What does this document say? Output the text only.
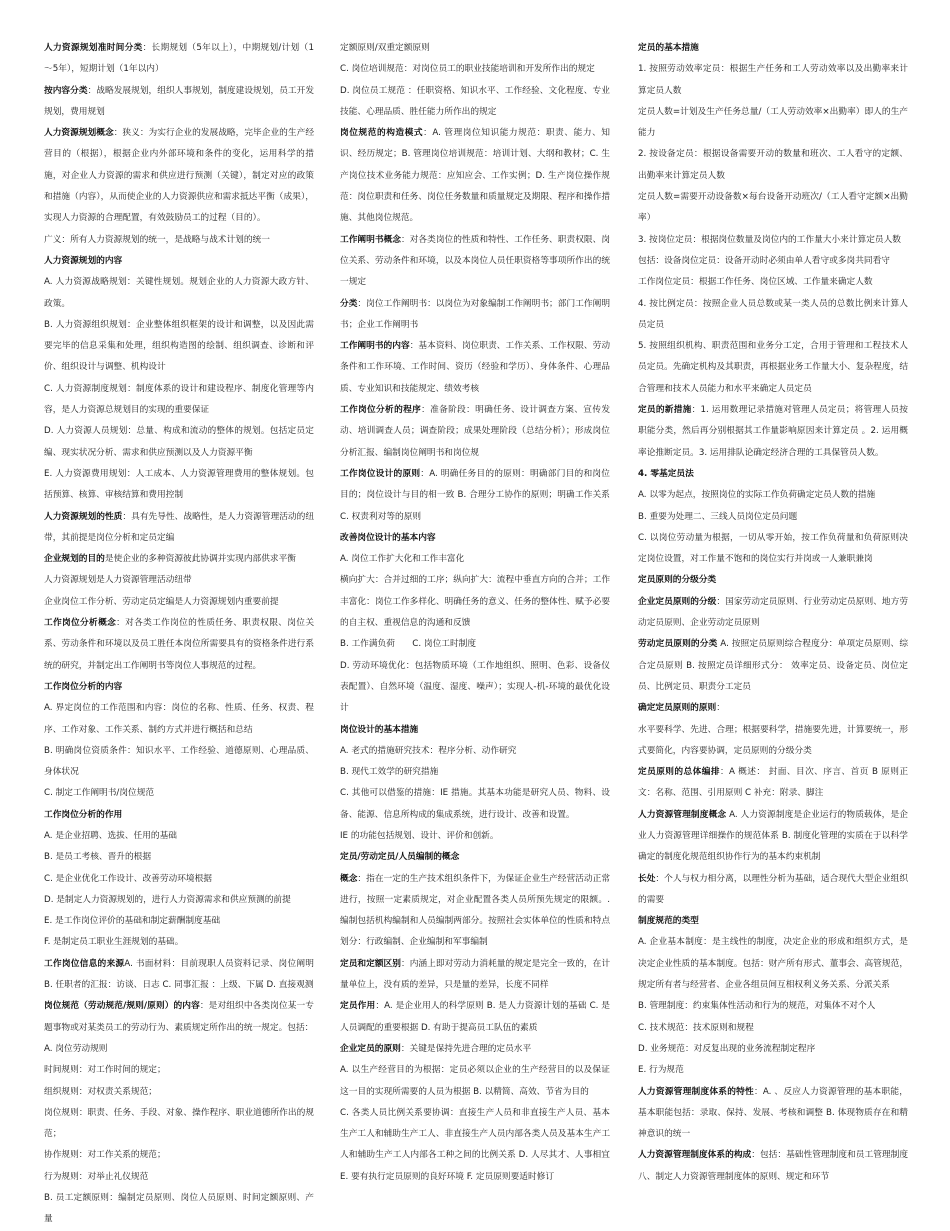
人力资源规划准时间分类：长期规划（5年以上），中期规划/计划（1～5年），短期计划（1年以内）

按内容分类：战略发展规划，组织人事规划，制度建设规划，员工开发规划，费用规划

人力资源规划概念：狭义：为实行企业的发展战略，完毕企业的生产经营目的（根据），根据企业内外部环境和条件的变化，运用科学的措施，对企业人力资源的需求和供应进行预测（关键），制定对应的政策和措施（内容），从而使企业的人力资源供应和需求抵达平衡（成果），实现人力资源的合理配置，有效鼓励员工的过程（目的）。

广义：所有人力资源规划的统一，是战略与战术计划的统一

人力资源规划的内容

A. 人力资源战略规划：关键性规划。规划企业的人力资源大政方针、政策。

B. 人力资源组织规划：企业整体组织框架的设计和调整，以及因此需要完毕的信息采集和处理，组织构造图的绘制、组织调查、诊断和评价、组织设计与调整、机构设计

C. 人力资源制度规划：制度体系的设计和建设程序、制度化管理等内容，是人力资源总规划目的实现的重要保证

D. 人力资源人员规划：总量、构成和流动的整体的规划。包括定员定编、现实状况分析、需求和供应预测以及人力资源平衡

E. 人力资源费用规划：人工成本、人力资源管理费用的整体规划。包括预算、核算、审核结算和费用控制

人力资源规划的性质：具有先导性、战略性，是人力资源管理活动的纽带，其前提是岗位分析和定员定编

企业规划的目的是使企业的多种资源彼此协调并实现内部供求平衡

人力资源规划是人力资源管理活动纽带

企业岗位工作分析、劳动定员定编是人力资源规划内重要前提

工作岗位分析概念：对各类工作岗位的性质任务、职责权限、岗位关系、劳动条件和环境以及员工胜任本岗位所需要具有的资格条件进行系统的研究，并制定出工作阐明书等岗位人事规范的过程。

工作岗位分析的内容

A. 界定岗位的工作范围和内容：岗位的名称、性质、任务、权责、程序、工作对象、工作关系、制约方式并进行概括和总结

B. 明确岗位资质条件：知识水平、工作经验、道德原则、心理品质、身体状况

C. 制定工作阐明书/岗位规范

工作岗位分析的作用

A. 是企业招聘、选拔、任用的基础

B. 是员工考核、晋升的根据

C. 是企业优化工作设计、改善劳动环境根据

D. 是制定人力资源规划的，进行人力资源需求和供应预测的前提

E. 是工作岗位评价的基础和制定薪酬制度基础

F. 是制定员工职业生涯规划的基础。

工作岗位信息的来源A. 书面材料：目前现职人员资料记录、岗位阐明 B. 任职者的汇报：访谈、日志 C. 同事汇报 ：上级、下属 D. 直接观测

岗位规范（劳动规范/规则/原则）的内容：是对组织中各类岗位某一专题事物或对某类员工的劳动行为、素质规定所作出的统一规定。包括：

A. 岗位劳动规则

时间规则：对工作时间的规定；

组织规则：对权责关系规范；

岗位规则：职责、任务、手段、对象、操作程序、职业道德所作出的规范；

协作规则：对工作关系的规范；

行为规则：对举止礼仪规范

B. 员工定额原则：编制定员原则、岗位人员原则、时间定额原则、产量

定额原则/双重定额原则

C. 岗位培训规范：对岗位员工的职业技能培训和开发所作出的规定

D. 岗位员工规范 ：任职资格、知识水平、工作经验、文化程度、专业技能、心理品质、胜任能力所作出的规定

岗位规范的构造模式：A. 管理岗位知识能力规范：职责、能力、知识、经历规定；B. 管理岗位培训规范：培训计划、大纲和教材；C. 生产岗位技术业务能力规范：应知应会、工作实例；D. 生产岗位操作规范：岗位职责和任务、岗位任务数量和质量规定及期限、程序和操作措施、其他岗位规范。

工作阐明书概念：对各类岗位的性质和特性、工作任务、职责权限、岗位关系、劳动条件和环境，以及本岗位人员任职资格等事项所作出的统一规定

分类：岗位工作阐明书：以岗位为对象编制工作阐明书；部门工作阐明书；企业工作阐明书

工作阐明书的内容：基本资料、岗位职责、工作关系、工作权限、劳动条件和工作环境、工作时间、资历（经验和学历）、身体条件、心理品质、专业知识和技能规定、绩效考核

工作岗位分析的程序：准备阶段：明确任务、设计调查方案、宣传发动、培训调查人员；调查阶段；成果处理阶段（总结分析）；形成岗位分析汇报、编制岗位阐明书和岗位规

工作岗位设计的原则：A. 明确任务目的的原则：明确部门目的和岗位目的；岗位设计与目的相一致 B. 合理分工协作的原则；明确工作关系 C. 权责利对等的原则

改善岗位设计的基本内容

A. 岗位工作扩大化和工作丰富化

横向扩大：合并过细的工序；纵向扩大：流程中垂直方向的合并；工作丰富化：岗位工作多样化、明确任务的意义、任务的整体性、赋予必要的自主权、重视信息的沟通和反馈

B. 工作满负荷　　C. 岗位工时制度

D. 劳动环境优化：包括物质环境（工作地组织、照明、色彩、设备仪表配置）、自然环境（温度、湿度、噪声）；实现人-机-环境的最优化设计

岗位设计的基本措施

A. 老式的措施研究技术：程序分析、动作研究

B. 现代工效学的研究措施

C. 其他可以借鉴的措施：IE 措施。其基本功能是研究人员、物料、设备、能源、信息所构成的集成系统，进行设计、改善和设置。

IE 的功能包括规划、设计、评价和创新。

定员/劳动定员/人员编制的概念

概念：指在一定的生产技术组织条件下，为保证企业生产经营活动正常进行，按照一定素质规定，对企业配置各类人员所预先规定的限额。.编制包括机构编制和人员编制两部分。按照社会实体单位的性质和特点划分：行政编制、企业编制和军事编制

定员和定额区别：内涵上即对劳动力消耗量的规定是完全一致的，在计量单位上，没有质的差异，只是量的差异，长度不同样

定员作用：A. 是企业用人的科学原则 B. 是人力资源计划的基础 C. 是人员调配的重要根据 D. 有助于提高员工队伍的素质

企业定员的原则：关键是保持先进合理的定员水平

A. 以生产经营目的为根据：定员必须以企业的生产经营目的以及保证这一目的实现所需要的人员为根据 B. 以精简、高效、节省为目的

C. 各类人员比例关系要协调：直接生产人员和非直接生产人员、基本生产工人和辅助生产工人、非直接生产人员内部各类人员及基本生产工人和辅助生产工人内部各工种之间的比例关系 D. 人尽其才、人事相宜 E. 要有执行定员原则的良好环境 F. 定员原则要适时修订

定员的基本措施

1. 按照劳动效率定员：根据生产任务和工人劳动效率以及出勤率来计算定员人数

定员人数=计划及生产任务总量/（工人劳动效率×出勤率）即人的生产能力

2. 按设备定员：根据设备需要开动的数量和班次、工人看守的定额、出勤率来计算定员人数

定员人数=需要开动设备数×每台设备开动班次/（工人看守定额×出勤率）

3. 按岗位定员：根据岗位数量及岗位内的工作量大小来计算定员人数

包括：设备岗位定员：设备开动时必须由单人看守或多岗共同看守

工作岗位定员：根据工作任务、岗位区域、工作量来确定人数

4. 按比例定员：按照企业人员总数或某一类人员的总数比例来计算人员定员

5. 按照组织机构、职责范围和业务分工定，合用于管理和工程技术人员定员。先确定机构及其职责，再根据业务工作量大小、复杂程度，结合管理和技术人员能力和水平来确定人员定员

定员的新措施：1. 运用数理记录措施对管理人员定员；将管理人员按职能分类，然后再分别根据其工作量影响原因来计算定员 。2. 运用概率论推断定员。3. 运用排队论确定经济合理的工具保管员人数。

4. 零基定员法

A. 以零为起点，按照岗位的实际工作负荷确定定员人数的措施

B. 重要为处理二、三线人员岗位定员问题

C. 以岗位劳动量为根据，一切从零开始，按工作负荷量和负荷原则决定岗位设置，对工作量不饱和的岗位实行并岗或一人兼职兼岗

定员原则的分级分类

企业定员原则的分级：国家劳动定员原则、行业劳动定员原则、地方劳动定员原则、企业劳动定员原则

劳动定员原则的分类 A. 按照定员原则综合程度分：单项定员原则、综合定员原则 B. 按照定员详细形式分： 效率定员、设备定员、岗位定员、比例定员、职责分工定员

确定定员原则的原则：

水平要科学、先进、合理；根据要科学，措施要先进，计算要统一，形式要简化，内容要协调，定员原则的分级分类

定员原则的总体编排：A 概述： 封面、目次、序言、首页 B 原则正文：名称、范围、引用原则 C 补充：附录、脚注

人力资源管理制度概念 A. 人力资源制度是企业运行的物质载体，是企业人力资源管理详细操作的规范体系 B. 制度化管理的实质在于以科学确定的制度化规范组织协作行为的基本约束机制

长处：个人与权力相分离，以理性分析为基础，适合现代大型企业组织的需要

制度规范的类型

A. 企业基本制度：是主线性的制度，决定企业的形成和组织方式，是决定企业性质的基本制度。包括：财产所有形式、董事会、高管规范，规定所有者与经营者、企业各组员间互相权利义务关系、分派关系

B. 管理制度：约束集体性活动和行为的规范，对集体不对个人

C. 技术规范：技术原则和规程

D. 业务规范：对反复出现的业务流程制定程序

E. 行为规范

人力资源管理制度体系的特性：A. 、反应人力资源管理的基本职能，基本职能包括：录取、保持、发展、考核和调整 B. 体现物质存在和精神意识的统一

人力资源管理制度体系的构成：包括：基础性管理制度和员工管理制度八、制定人力资源管理制度体的原则、规定和环节
